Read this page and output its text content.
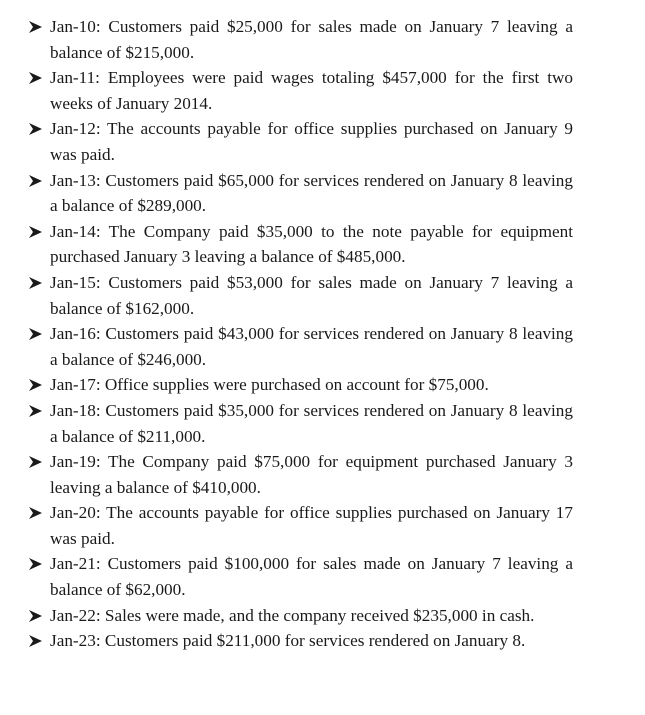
Jan-10: Customers paid $25,000 for sales made on January 7 leaving a balance of $215,000.
Jan-11: Employees were paid wages totaling $457,000 for the first two weeks of January 2014.
Jan-12: The accounts payable for office supplies purchased on January 9 was paid.
Jan-13: Customers paid $65,000 for services rendered on January 8 leaving a balance of $289,000.
Jan-14: The Company paid $35,000 to the note payable for equipment purchased January 3 leaving a balance of $485,000.
Jan-15: Customers paid $53,000 for sales made on January 7 leaving a balance of $162,000.
Jan-16: Customers paid $43,000 for services rendered on January 8 leaving a balance of $246,000.
Jan-17: Office supplies were purchased on account for $75,000.
Jan-18: Customers paid $35,000 for services rendered on January 8 leaving a balance of $211,000.
Jan-19: The Company paid $75,000 for equipment purchased January 3 leaving a balance of $410,000.
Jan-20: The accounts payable for office supplies purchased on January 17 was paid.
Jan-21: Customers paid $100,000 for sales made on January 7 leaving a balance of $62,000.
Jan-22: Sales were made, and the company received $235,000 in cash.
Jan-23: Customers paid $211,000 for services rendered on January 8.
